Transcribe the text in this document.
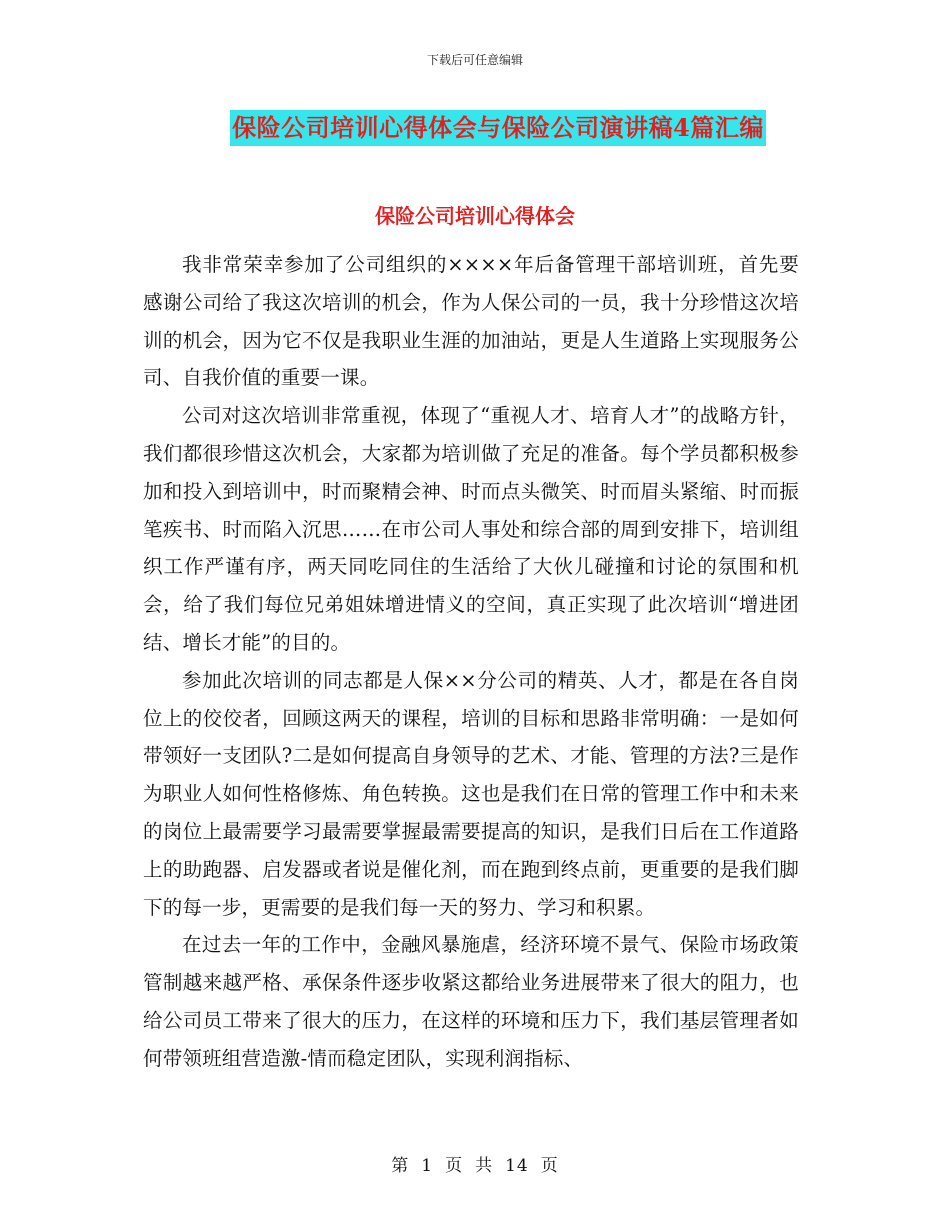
下载后可任意编辑
保险公司培训心得体会与保险公司演讲稿4篇汇编
保险公司培训心得体会

我非常荣幸参加了公司组织的××××年后备管理干部培训班，首先要感谢公司给了我这次培训的机会，作为人保公司的一员，我十分珍惜这次培训的机会，因为它不仅是我职业生涯的加油站，更是人生道路上实现服务公司、自我价值的重要一课。

公司对这次培训非常重视，体现了“重视人才、培育人才”的战略方针，我们都很珍惜这次机会，大家都为培训做了充足的准备。每个学员都积极参加和投入到培训中，时而聚精会神、时而点头微笑、时而眉头紧缩、时而振笔疾书、时而陷入沉思……在市公司人事处和综合部的周到安排下，培训组织工作严谨有序，两天同吃同住的生活给了大伙儿碰撞和讨论的氛围和机会，给了我们每位兄弟姐妹增进情义的空间，真正实现了此次培训“增进团结、增长才能”的目的。

参加此次培训的同志都是人保××分公司的精英、人才，都是在各自岗位上的佼佼者，回顾这两天的课程，培训的目标和思路非常明确：一是如何带领好一支团队?二是如何提高自身领导的艺术、才能、管理的方法?三是作为职业人如何性格修炼、角色转换。这也是我们在日常的管理工作中和未来的岗位上最需要学习最需要掌握最需要提高的知识，是我们日后在工作道路上的助跑器、启发器或者说是催化剂，而在跑到终点前，更重要的是我们脚下的每一步，更需要的是我们每一天的努力、学习和积累。

在过去一年的工作中，金融风暴施虐，经济环境不景气、保险市场政策管制越来越严格、承保条件逐步收紧这都给业务进展带来了很大的阻力，也给公司员工带来了很大的压力，在这样的环境和压力下，我们基层管理者如何带领班组营造激-情而稳定团队，实现利润指标、

第 1 页 共 14 页
